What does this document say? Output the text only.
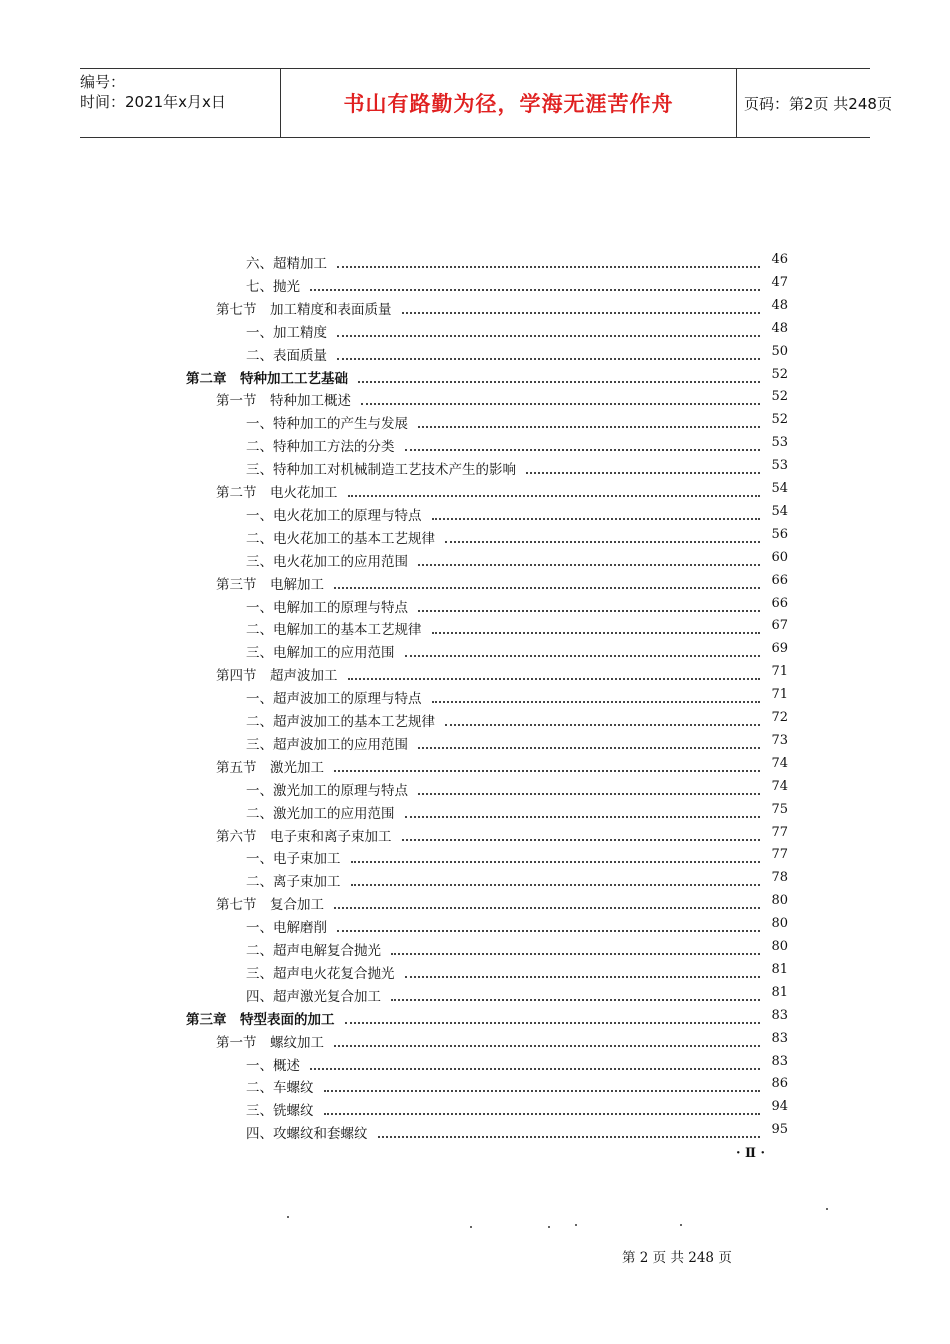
编号：
时间：2021年x月x日	书山有路勤为径，学海无涯苦作舟	页码：第2页 共248页
六、超精加工	46
七、抛光	47
第七节　加工精度和表面质量	48
一、加工精度	48
二、表面质量	50
第二章　特种加工工艺基础	52
第一节　特种加工概述	52
一、特种加工的产生与发展	52
二、特种加工方法的分类	53
三、特种加工对机械制造工艺技术产生的影响	53
第二节　电火花加工	54
一、电火花加工的原理与特点	54
二、电火花加工的基本工艺规律	56
三、电火花加工的应用范围	60
第三节　电解加工	66
一、电解加工的原理与特点	66
二、电解加工的基本工艺规律	67
三、电解加工的应用范围	69
第四节　超声波加工	71
一、超声波加工的原理与特点	71
二、超声波加工的基本工艺规律	72
三、超声波加工的应用范围	73
第五节　激光加工	74
一、激光加工的原理与特点	74
二、激光加工的应用范围	75
第六节　电子束和离子束加工	77
一、电子束加工	77
二、离子束加工	78
第七节　复合加工	80
一、电解磨削	80
二、超声电解复合抛光	80
三、超声电火花复合抛光	81
四、超声激光复合加工	81
第三章　特型表面的加工	83
第一节　螺纹加工	83
一、概述	83
二、车螺纹	86
三、铣螺纹	94
四、攻螺纹和套螺纹	95
· Ⅱ ·
第 2 页 共 248 页
